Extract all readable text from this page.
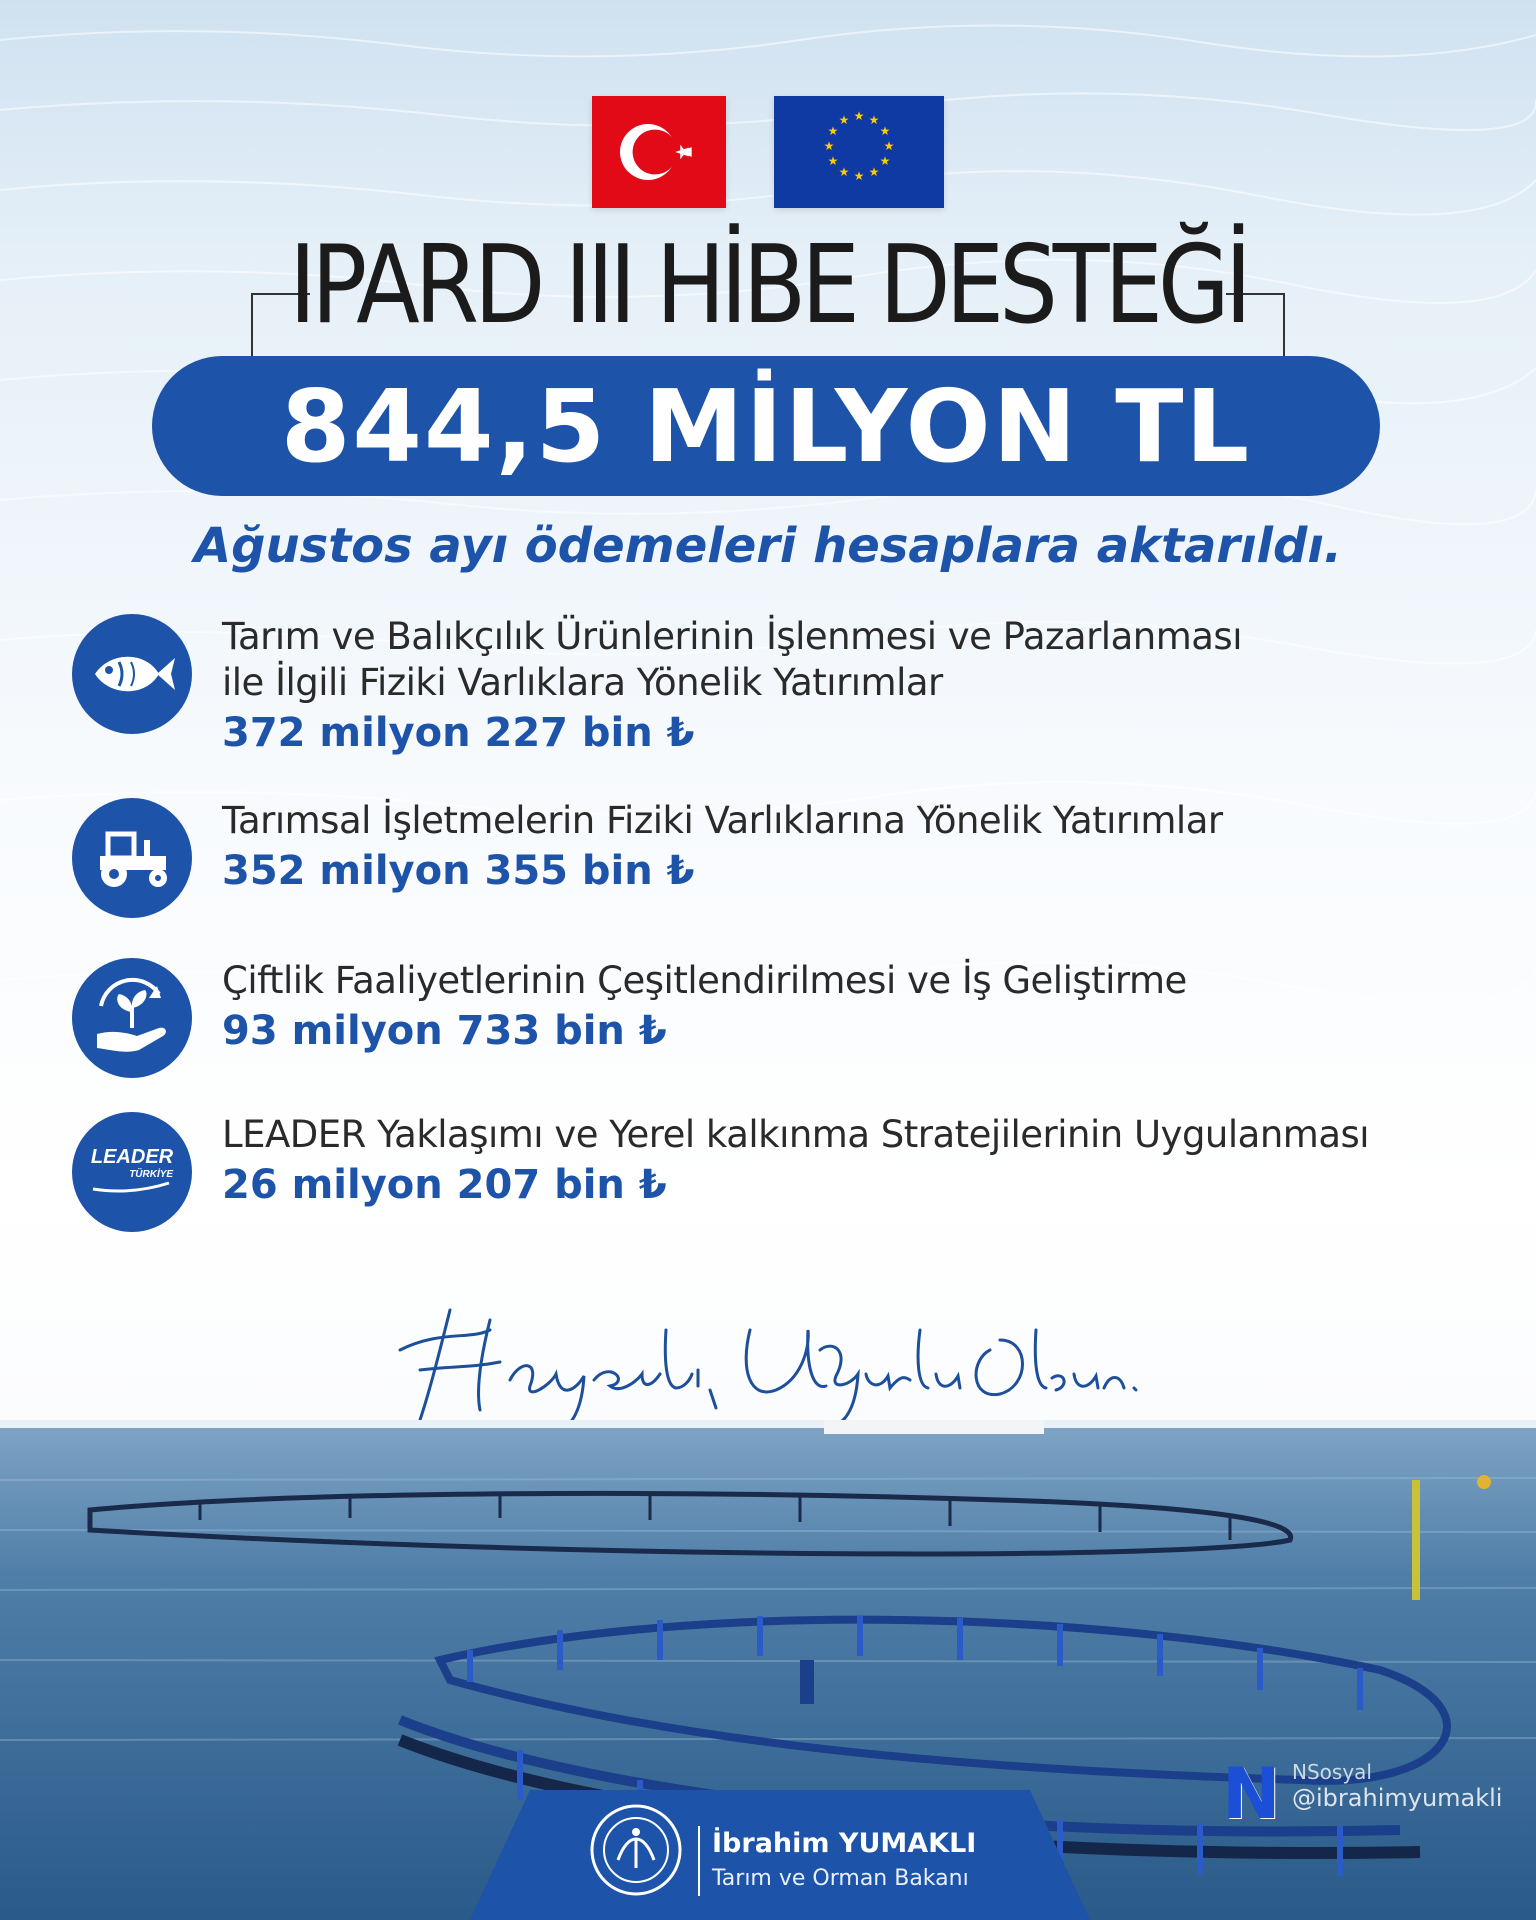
★ ★
★
★
★
★
★
★
★
★
★
★
IPARD III HİBE DESTEĞİ
844,5 MİLYON TL
Ağustos ayı ödemeleri hesaplara aktarıldı.
Tarım ve Balıkçılık Ürünlerinin İşlenmesi ve Pazarlanması
ile İlgili Fiziki Varlıklara Yönelik Yatırımlar
372 milyon 227 bin ₺
Tarımsal İşletmelerin Fiziki Varlıklarına Yönelik Yatırımlar
352 milyon 355 bin ₺
Çiftlik Faaliyetlerinin Çeşitlendirilmesi ve İş Geliştirme
93 milyon 733 bin ₺
LEADER
TÜRKİYE
LEADER Yaklaşımı ve Yerel kalkınma Stratejilerinin Uygulanması
26 milyon 207 bin ₺
İbrahim YUMAKLI
Tarım ve Orman Bakanı
N NSosyal
@ibrahimyumakli
